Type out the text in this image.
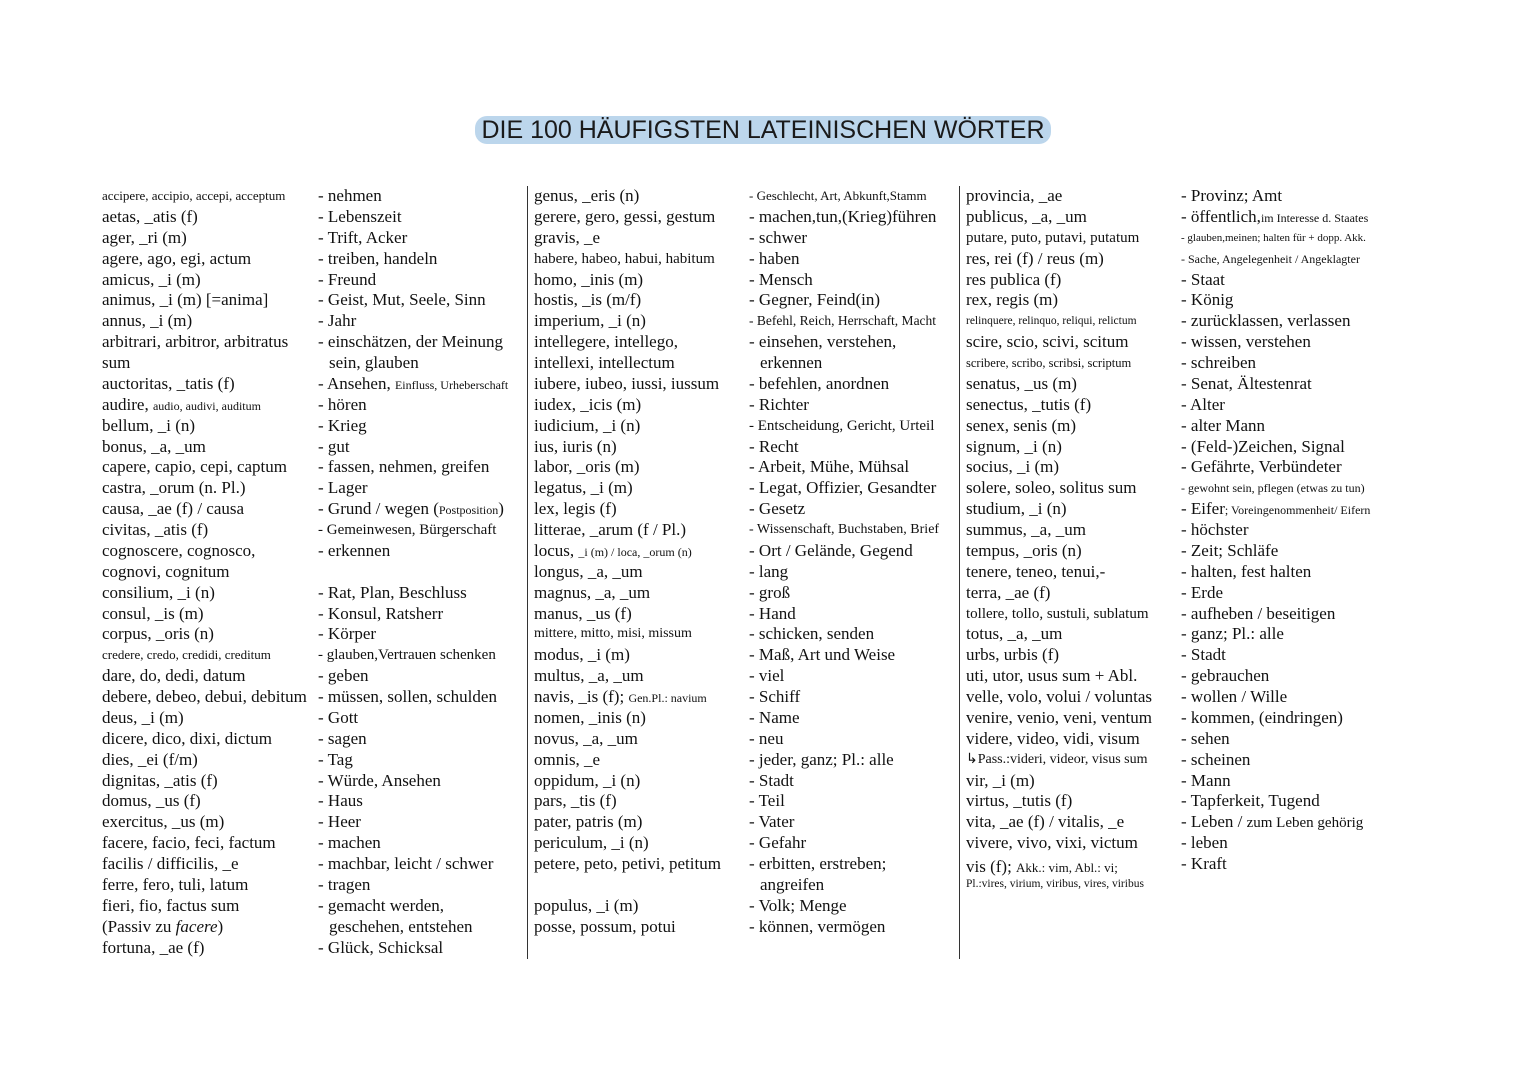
DIE 100 HÄUFIGSTEN LATEINISCHEN WÖRTER
accipere, accipio, accepi, acceptum
aetas, _atis (f)
ager, _ri (m)
agere, ago, egi, actum
amicus, _i (m)
animus, _i (m) [=anima]
annus, _i (m)
arbitrari, arbitror, arbitratus
sum
auctoritas, _tatis (f)
audire, audio, audivi, auditum
bellum, _i (n)
bonus, _a, _um
capere, capio, cepi, captum
castra, _orum (n. Pl.)
causa, _ae (f) / causa
civitas, _atis (f)
cognoscere, cognosco,
cognovi, cognitum
consilium, _i (n)
consul, _is (m)
corpus, _oris (n)
credere, credo, credidi, creditum
dare, do, dedi, datum
debere, debeo, debui, debitum
deus, _i (m)
dicere, dico, dixi, dictum
dies, _ei (f/m)
dignitas, _atis (f)
domus, _us (f)
exercitus, _us (m)
facere, facio, feci, factum
facilis / difficilis, _e
ferre, fero, tuli, latum
fieri, fio, factus sum
(Passiv zu facere)
fortuna, _ae (f)
- nehmen
- Lebenszeit
- Trift, Acker
- treiben, handeln
- Freund
- Geist, Mut, Seele, Sinn
- Jahr
- einschätzen, der Meinung
sein, glauben
- Ansehen, Einfluss, Urheberschaft
- hören
- Krieg
- gut
- fassen, nehmen, greifen
- Lager
- Grund / wegen (Postposition)
- Gemeinwesen, Bürgerschaft
- erkennen
- Rat, Plan, Beschluss
- Konsul, Ratsherr
- Körper
- glauben,Vertrauen schenken
- geben
- müssen, sollen, schulden
- Gott
- sagen
- Tag
- Würde, Ansehen
- Haus
- Heer
- machen
- machbar, leicht / schwer
- tragen
- gemacht werden,
geschehen, entstehen
- Glück, Schicksal
genus, _eris (n)
gerere, gero, gessi, gestum
gravis, _e
habere, habeo, habui, habitum
homo, _inis (m)
hostis, _is (m/f)
imperium, _i (n)
intellegere, intellego,
intellexi, intellectum
iubere, iubeo, iussi, iussum
iudex, _icis (m)
iudicium, _i (n)
ius, iuris (n)
labor, _oris (m)
legatus, _i (m)
lex, legis (f)
litterae, _arum (f / Pl.)
locus, _i (m) / loca, _orum (n)
longus, _a, _um
magnus, _a, _um
manus, _us (f)
mittere, mitto, misi, missum
modus, _i (m)
multus, _a, _um
navis, _is (f); Gen.Pl.: navium
nomen, _inis (n)
novus, _a, _um
omnis, _e
oppidum, _i (n)
pars, _tis (f)
pater, patris (m)
periculum, _i (n)
petere, peto, petivi, petitum
populus, _i (m)
posse, possum, potui
- Geschlecht, Art, Abkunft,Stamm
- machen,tun,(Krieg)führen
- schwer
- haben
- Mensch
- Gegner, Feind(in)
- Befehl, Reich, Herrschaft, Macht
- einsehen, verstehen,
erkennen
- befehlen, anordnen
- Richter
- Entscheidung, Gericht, Urteil
- Recht
- Arbeit, Mühe, Mühsal
- Legat, Offizier, Gesandter
- Gesetz
- Wissenschaft, Buchstaben, Brief
- Ort / Gelände, Gegend
- lang
- groß
- Hand
- schicken, senden
- Maß, Art und Weise
- viel
- Schiff
- Name
- neu
- jeder, ganz; Pl.: alle
- Stadt
- Teil
- Vater
- Gefahr
- erbitten, erstreben;
angreifen
- Volk; Menge
- können, vermögen
provincia, _ae
publicus, _a, _um
putare, puto, putavi, putatum
res, rei (f) / reus (m)
res publica (f)
rex, regis (m)
relinquere, relinquo, reliqui, relictum
scire, scio, scivi, scitum
scribere, scribo, scribsi, scriptum
senatus, _us (m)
senectus, _tutis (f)
senex, senis (m)
signum, _i (n)
socius, _i (m)
solere, soleo, solitus sum
studium, _i (n)
summus, _a, _um
tempus, _oris (n)
tenere, teneo, tenui,-
terra, _ae (f)
tollere, tollo, sustuli, sublatum
totus, _a, _um
urbs, urbis (f)
uti, utor, usus sum + Abl.
velle, volo, volui / voluntas
venire, venio, veni, ventum
videre, video, vidi, visum
↳Pass.:videri, videor, visus sum
vir, _i (m)
virtus, _tutis (f)
vita, _ae (f) / vitalis, _e
vivere, vivo, vixi, victum
vis (f); Akk.: vim, Abl.: vi;
Pl.:vires, virium, viribus, vires, viribus
- Provinz; Amt
- öffentlich,im Interesse d. Staates
- glauben,meinen; halten für + dopp. Akk.
- Sache, Angelegenheit / Angeklagter
- Staat
- König
- zurücklassen, verlassen
- wissen, verstehen
- schreiben
- Senat, Ältestenrat
- Alter
- alter Mann
- (Feld-)Zeichen, Signal
- Gefährte, Verbündeter
- gewohnt sein, pflegen (etwas zu tun)
- Eifer; Voreingenommenheit/ Eifern
- höchster
- Zeit; Schläfe
- halten, fest halten
- Erde
- aufheben / beseitigen
- ganz; Pl.: alle
- Stadt
- gebrauchen
- wollen / Wille
- kommen, (eindringen)
- sehen
- scheinen
- Mann
- Tapferkeit, Tugend
- Leben / zum Leben gehörig
- leben
- Kraft
